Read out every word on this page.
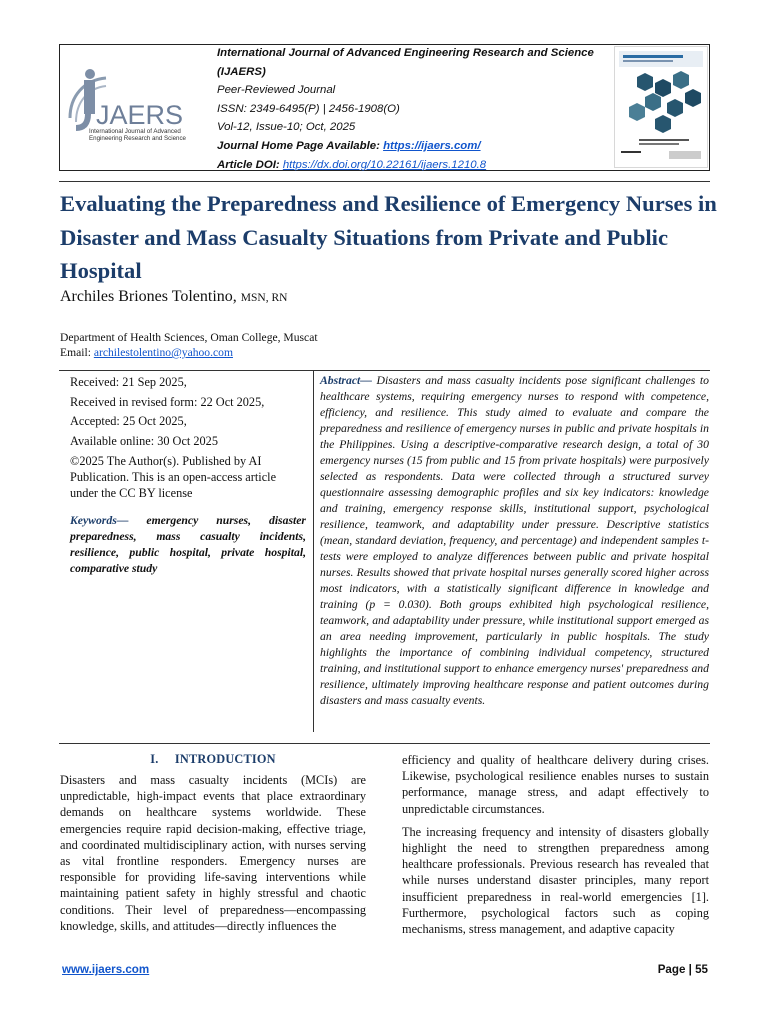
JAERS
International Journal of Advanced
Engineering Research and Science
International Journal of Advanced Engineering Research and Science (IJAERS)
Peer-Reviewed Journal
ISSN: 2349-6495(P) | 2456-1908(O)
Vol-12, Issue-10; Oct, 2025
Journal Home Page Available: https://ijaers.com/
Article DOI: https://dx.doi.org/10.22161/ijaers.1210.8
Evaluating the Preparedness and Resilience of Emergency Nurses in Disaster and Mass Casualty Situations from Private and Public Hospital
Archiles Briones Tolentino, MSN, RN
Department of Health Sciences, Oman College, Muscat
Email: archilestolentino@yahoo.com
Received: 21 Sep 2025,
Received in revised form: 22 Oct 2025,
Accepted: 25 Oct 2025,
Available online: 30 Oct 2025
©2025 The Author(s). Published by AI Publication. This is an open-access article under the CC BY license
Keywords— emergency nurses, disaster preparedness, mass casualty incidents, resilience, public hospital, private hospital, comparative study
Abstract— Disasters and mass casualty incidents pose significant challenges to healthcare systems, requiring emergency nurses to respond with competence, efficiency, and resilience. This study aimed to evaluate and compare the preparedness and resilience of emergency nurses in public and private hospitals in the Philippines. Using a descriptive-comparative research design, a total of 30 emergency nurses (15 from public and 15 from private hospitals) were purposively selected as respondents. Data were collected through a structured survey questionnaire assessing demographic profiles and six key indicators: knowledge and training, emergency response skills, institutional support, psychological resilience, teamwork, and adaptability under pressure. Descriptive statistics (mean, standard deviation, frequency, and percentage) and independent samples t-tests were employed to analyze differences between public and private hospital nurses. Results showed that private hospital nurses generally scored higher across most indicators, with a statistically significant difference in knowledge and training (p = 0.030). Both groups exhibited high psychological resilience, teamwork, and adaptability under pressure, while institutional support emerged as an area needing improvement, particularly in public hospitals. The study highlights the importance of combining individual competency, structured training, and institutional support to enhance emergency nurses' preparedness and resilience, ultimately improving healthcare response and patient outcomes during disasters and mass casualty events.
I. INTRODUCTION

Disasters and mass casualty incidents (MCIs) are unpredictable, high-impact events that place extraordinary demands on healthcare systems worldwide. These emergencies require rapid decision-making, effective triage, and coordinated multidisciplinary action, with nurses serving as vital frontline responders. Emergency nurses are responsible for providing life-saving interventions while maintaining patient safety in highly stressful and chaotic conditions. Their level of preparedness—encompassing knowledge, skills, and attitudes—directly influences the

efficiency and quality of healthcare delivery during crises. Likewise, psychological resilience enables nurses to sustain performance, manage stress, and adapt effectively to unpredictable circumstances.

The increasing frequency and intensity of disasters globally highlight the need to strengthen preparedness among healthcare professionals. Previous research has revealed that while nurses understand disaster principles, many report insufficient preparedness in real-world emergencies [1]. Furthermore, psychological factors such as coping mechanisms, stress management, and adaptive capacity

www.ijaers.com	Page | 55
